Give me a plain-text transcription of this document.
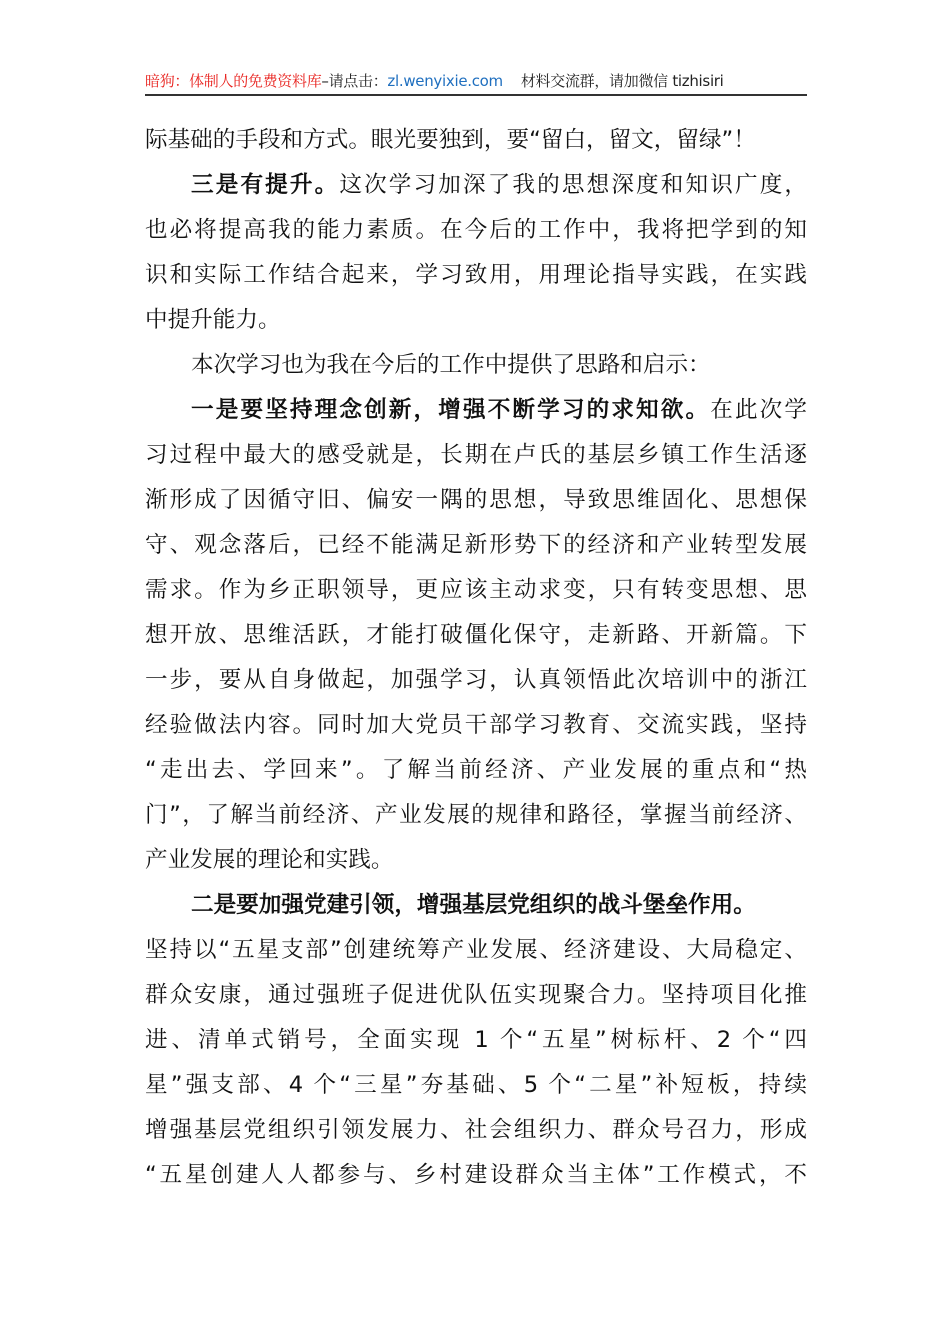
暗狗：体制人的免费资料库–请点击：zl.wenyixie.com 材料交流群，请加微信 tizhisiri
际基础的手段和方式。眼光要独到，要“留白，留文，留绿”！
三是有提升。这次学习加深了我的思想深度和知识广度，
也必将提高我的能力素质。在今后的工作中，我将把学到的知
识和实际工作结合起来，学习致用，用理论指导实践，在实践
中提升能力。
本次学习也为我在今后的工作中提供了思路和启示：
一是要坚持理念创新，增强不断学习的求知欲。在此次学
习过程中最大的感受就是，长期在卢氏的基层乡镇工作生活逐
渐形成了因循守旧、偏安一隅的思想，导致思维固化、思想保
守、观念落后，已经不能满足新形势下的经济和产业转型发展
需求。作为乡正职领导，更应该主动求变，只有转变思想、思
想开放、思维活跃，才能打破僵化保守，走新路、开新篇。下
一步，要从自身做起，加强学习，认真领悟此次培训中的浙江
经验做法内容。同时加大党员干部学习教育、交流实践，坚持
“走出去、学回来”。了解当前经济、产业发展的重点和“热
门”，了解当前经济、产业发展的规律和路径，掌握当前经济、
产业发展的理论和实践。
二是要加强党建引领，增强基层党组织的战斗堡垒作用。
坚持以“五星支部”创建统筹产业发展、经济建设、大局稳定、
群众安康，通过强班子促进优队伍实现聚合力。坚持项目化推
进、清单式销号，全面实现 1 个“五星”树标杆、2 个“四
星”强支部、4 个“三星”夯基础、5 个“二星”补短板，持续
增强基层党组织引领发展力、社会组织力、群众号召力，形成
“五星创建人人都参与、乡村建设群众当主体”工作模式，不
